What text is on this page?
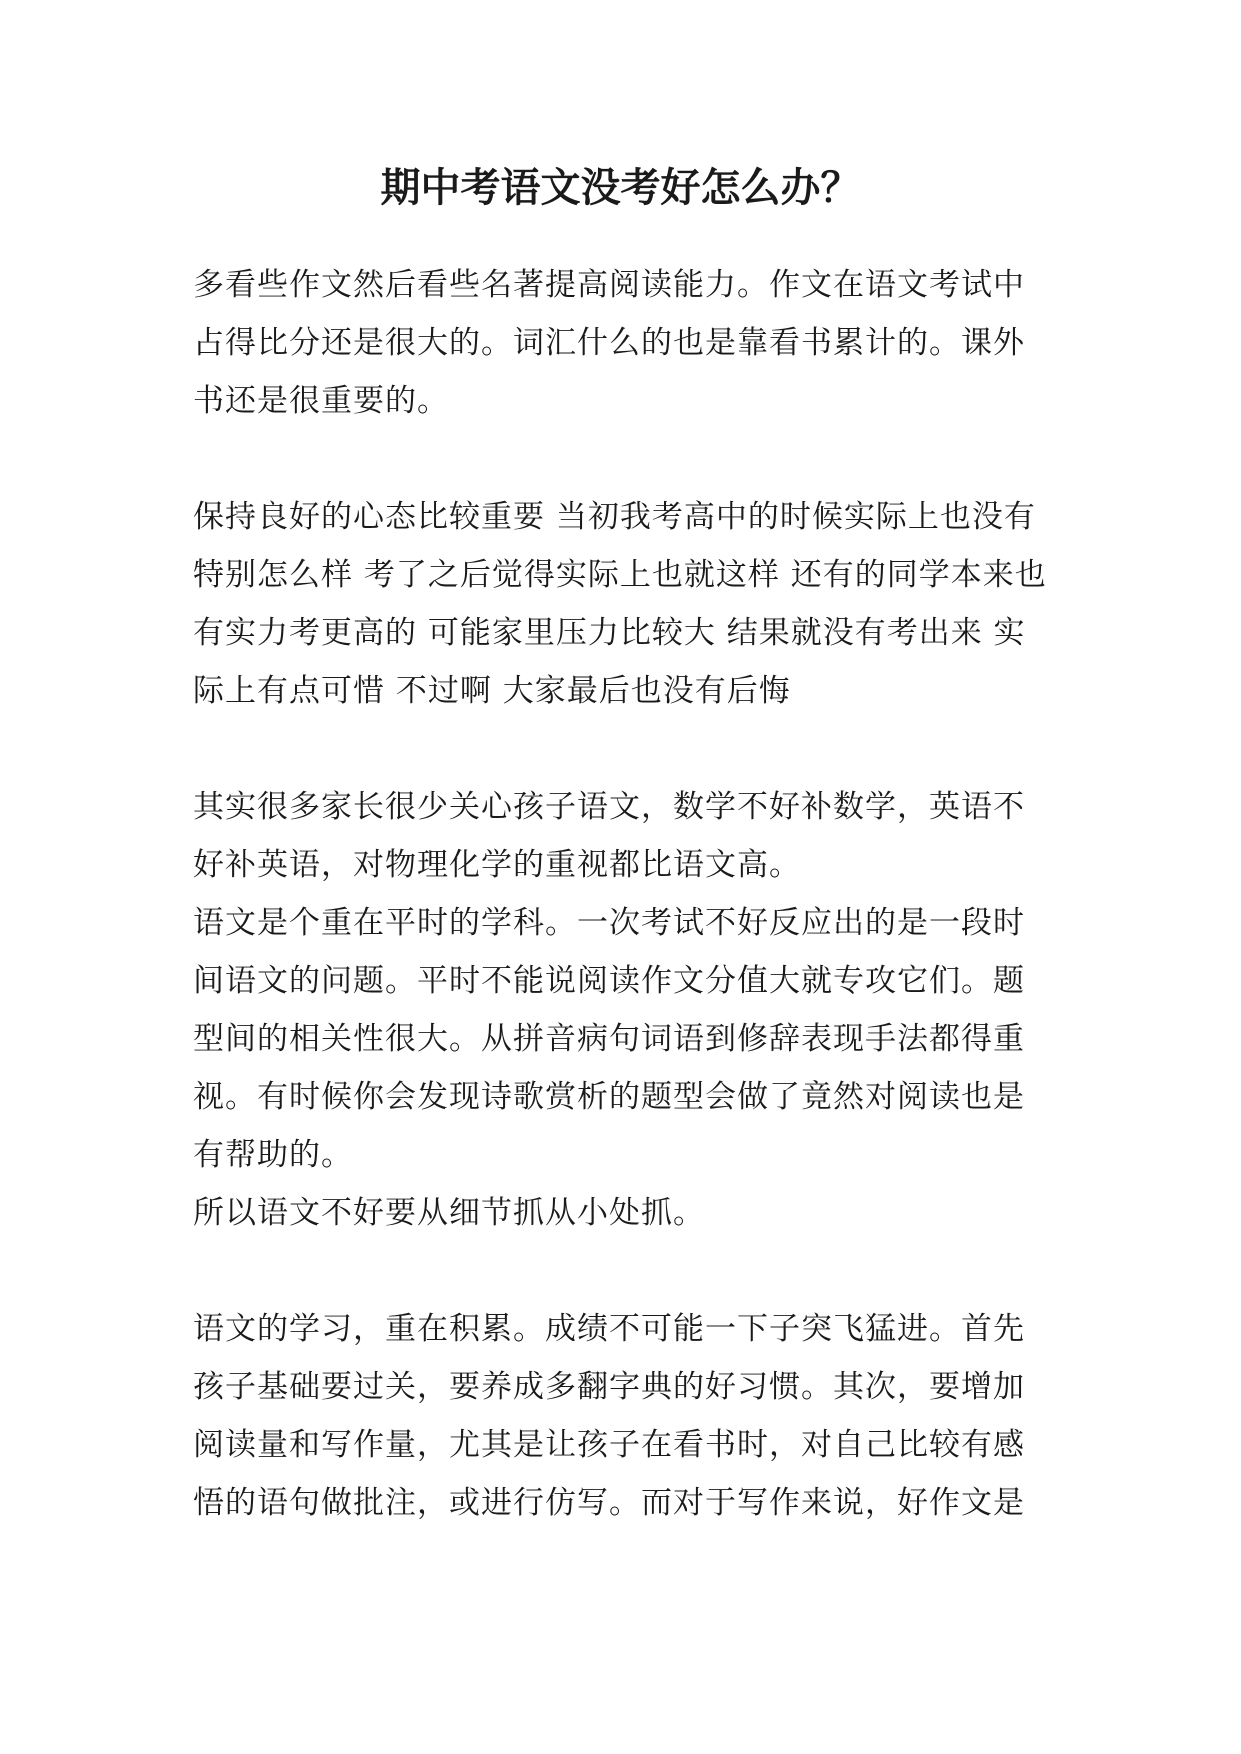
期中考语文没考好怎么办？

多看些作文然后看些名著提高阅读能力。作文在语文考试中占得比分还是很大的。词汇什么的也是靠看书累计的。课外书还是很重要的。

保持良好的心态比较重要 当初我考高中的时候实际上也没有特别怎么样 考了之后觉得实际上也就这样 还有的同学本来也有实力考更高的 可能家里压力比较大 结果就没有考出来 实际上有点可惜 不过啊 大家最后也没有后悔

其实很多家长很少关心孩子语文，数学不好补数学，英语不好补英语，对物理化学的重视都比语文高。

语文是个重在平时的学科。一次考试不好反应出的是一段时间语文的问题。平时不能说阅读作文分值大就专攻它们。题型间的相关性很大。从拼音病句词语到修辞表现手法都得重视。有时候你会发现诗歌赏析的题型会做了竟然对阅读也是有帮助的。

所以语文不好要从细节抓从小处抓。

语文的学习，重在积累。成绩不可能一下子突飞猛进。首先孩子基础要过关，要养成多翻字典的好习惯。其次，要增加阅读量和写作量，尤其是让孩子在看书时，对自己比较有感悟的语句做批注，或进行仿写。而对于写作来说，好作文是
